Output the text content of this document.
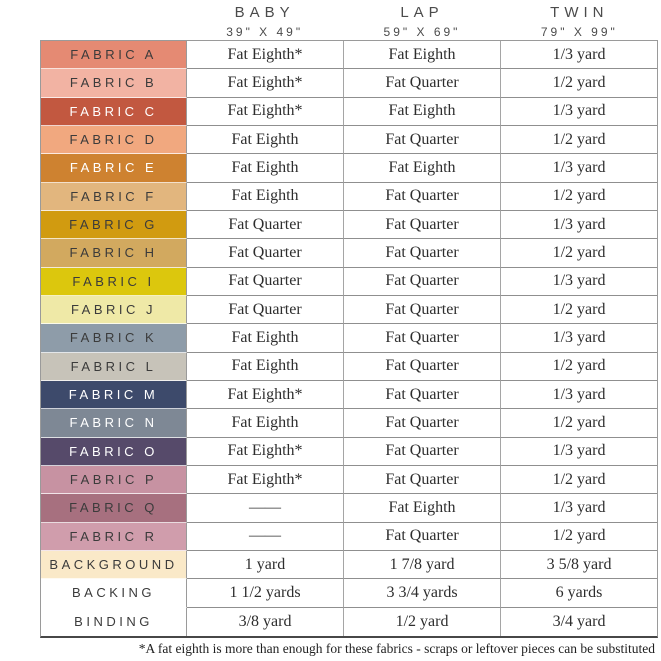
BABY
39" X 49"
LAP
59" X 69"
TWIN
79" X 99"
FABRIC A	Fat Eighth*	Fat Eighth	1/3 yard
FABRIC B	Fat Eighth*	Fat Quarter	1/2 yard
FABRIC C	Fat Eighth*	Fat Eighth	1/3 yard
FABRIC D	Fat Eighth	Fat Quarter	1/2 yard
FABRIC E	Fat Eighth	Fat Eighth	1/3 yard
FABRIC F	Fat Eighth	Fat Quarter	1/2 yard
FABRIC G	Fat Quarter	Fat Quarter	1/3 yard
FABRIC H	Fat Quarter	Fat Quarter	1/2 yard
FABRIC I	Fat Quarter	Fat Quarter	1/3 yard
FABRIC J	Fat Quarter	Fat Quarter	1/2 yard
FABRIC K	Fat Eighth	Fat Quarter	1/3 yard
FABRIC L	Fat Eighth	Fat Quarter	1/2 yard
FABRIC M	Fat Eighth*	Fat Quarter	1/3 yard
FABRIC N	Fat Eighth	Fat Quarter	1/2 yard
FABRIC O	Fat Eighth*	Fat Quarter	1/3 yard
FABRIC P	Fat Eighth*	Fat Quarter	1/2 yard
FABRIC Q	——	Fat Eighth	1/3 yard
FABRIC R	——	Fat Quarter	1/2 yard
BACKGROUND	1 yard	1 7/8 yard	3 5/8 yard
BACKING	1 1/2 yards	3 3/4 yards	6 yards
BINDING	3/8 yard	1/2 yard	3/4 yard
*A fat eighth is more than enough for these fabrics - scraps or leftover pieces can be substituted
